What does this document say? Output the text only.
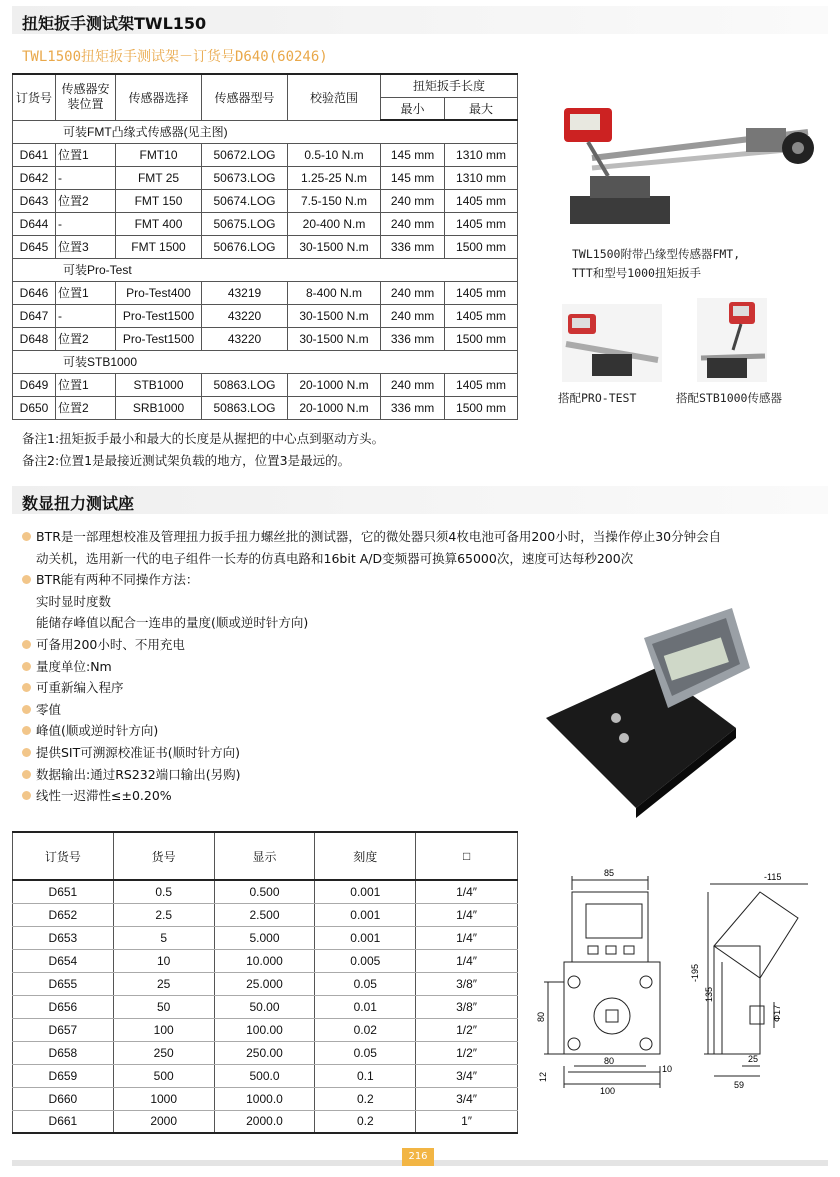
扭矩扳手测试架TWL150
TWL1500扭矩扳手测试架－订货号D640(60246)
订货号	传感器安装位置	传感器选择	传感器型号	校验范围	扭矩扳手长度	
					最小	最大
可装FMT凸缘式传感器(见主图)						
D641	位置1	FMT10	50672.LOG	0.5-10 N.m	145 mm	1310 mm
D642	-	FMT 25	50673.LOG	1.25-25 N.m	145 mm	1310 mm
D643	位置2	FMT 150	50674.LOG	7.5-150 N.m	240 mm	1405 mm
D644	-	FMT 400	50675.LOG	20-400 N.m	240 mm	1405 mm
D645	位置3	FMT 1500	50676.LOG	30-1500 N.m	336 mm	1500 mm
可装Pro-Test						
D646	位置1	Pro-Test400	43219	8-400 N.m	240 mm	1405 mm
D647	-	Pro-Test1500	43220	30-1500 N.m	240 mm	1405 mm
D648	位置2	Pro-Test1500	43220	30-1500 N.m	336 mm	1500 mm
可装STB1000						
D649	位置1	STB1000	50863.LOG	20-1000 N.m	240 mm	1405 mm
D650	位置2	SRB1000	50863.LOG	20-1000 N.m	336 mm	1500 mm
备注1:扭矩扳手最小和最大的长度是从握把的中心点到驱动方头。
备注2:位置1是最接近测试架负载的地方，位置3是最远的。
TWL1500附带凸缘型传感器FMT,
TTT和型号1000扭矩扳手
搭配PRO-TEST	搭配STB1000传感器
数显扭力测试座
BTR是一部理想校准及管理扭力扳手扭力螺丝批的测试器，它的微处器只须4枚电池可备用200小时，当操作停止30分钟会自
动关机，选用新一代的电子组件一长寿的仿真电路和16bit A/D变频器可换算65000次，速度可达每秒200次
BTR能有两种不同操作方法：
实时显时度数
能储存峰值以配合一连串的量度(顺或逆时针方向)
可备用200小时、不用充电
量度单位:Nm
可重新编入程序
零值
峰值(顺或逆时针方向)
提供SIT可溯源校准证书(顺时针方向)
数据输出:通过RS232端口输出(另购)
线性一迟滞性≤±0.20%
订货号	货号	显示	刻度	□
D651	0.5	0.500	0.001	1/4″
D652	2.5	2.500	0.001	1/4″
D653	5	5.000	0.001	1/4″
D654	10	10.000	0.005	1/4″
D655	25	25.000	0.05	3/8″
D656	50	50.00	0.01	3/8″
D657	100	100.00	0.02	1/2″
D658	250	250.00	0.05	1/2″
D659	500	500.0	0.1	3/4″
D660	1000	1000.0	0.2	3/4″
D661	2000	2000.0	0.2	1″
85
80
80
10
12
100
-115
-195
135
Φ17
25
59
216
